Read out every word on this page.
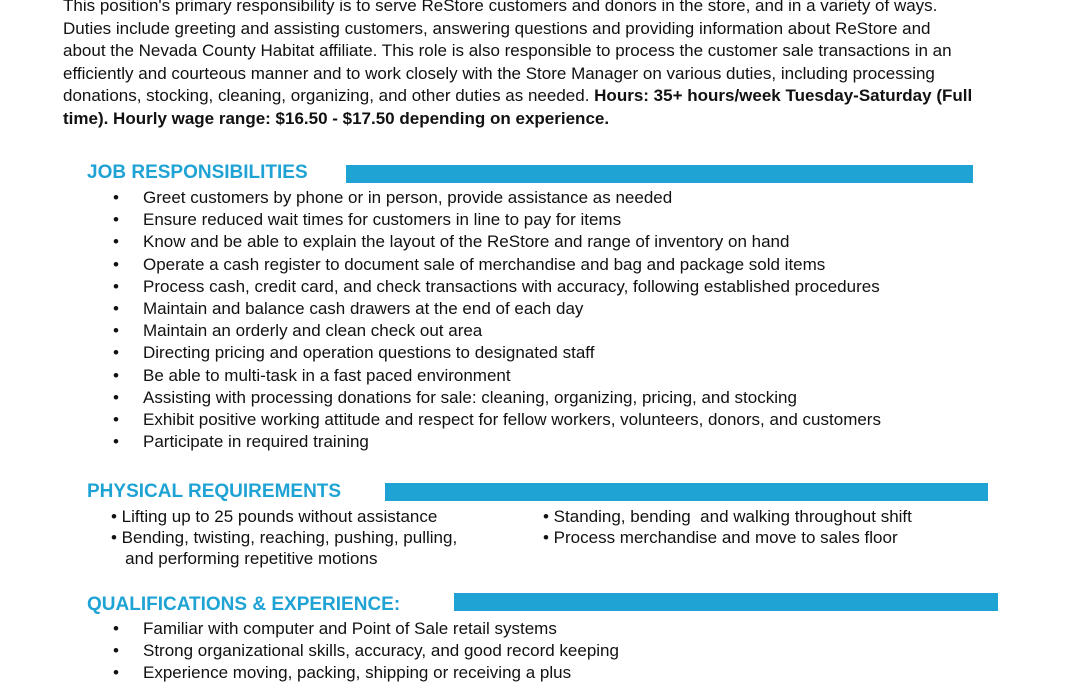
This position's primary responsibility is to serve ReStore customers and donors in the store, and in a variety of ways.
Duties include greeting and assisting customers, answering questions and providing information about ReStore and
about the Nevada County Habitat affiliate. This role is also responsible to process the customer sale transactions in an
efficiently and courteous manner and to work closely with the Store Manager on various duties, including processing
donations, stocking, cleaning, organizing, and other duties as needed. Hours: 35+ hours/week Tuesday-Saturday (Full
time). Hourly wage range: $16.50 - $17.50 depending on experience.
JOB RESPONSIBILITIES
• Greet customers by phone or in person, provide assistance as needed
• Ensure reduced wait times for customers in line to pay for items
• Know and be able to explain the layout of the ReStore and range of inventory on hand
• Operate a cash register to document sale of merchandise and bag and package sold items
• Process cash, credit card, and check transactions with accuracy, following established procedures
• Maintain and balance cash drawers at the end of each day
• Maintain an orderly and clean check out area
• Directing pricing and operation questions to designated staff
• Be able to multi-task in a fast paced environment
• Assisting with processing donations for sale: cleaning, organizing, pricing, and stocking
• Exhibit positive working attitude and respect for fellow workers, volunteers, donors, and customers
• Participate in required training
PHYSICAL REQUIREMENTS
• Lifting up to 25 pounds without assistance
• Bending, twisting, reaching, pushing, pulling,
and performing repetitive motions
• Standing, bending  and walking throughout shift
• Process merchandise and move to sales floor
QUALIFICATIONS & EXPERIENCE:
• Familiar with computer and Point of Sale retail systems
• Strong organizational skills, accuracy, and good record keeping
• Experience moving, packing, shipping or receiving a plus
